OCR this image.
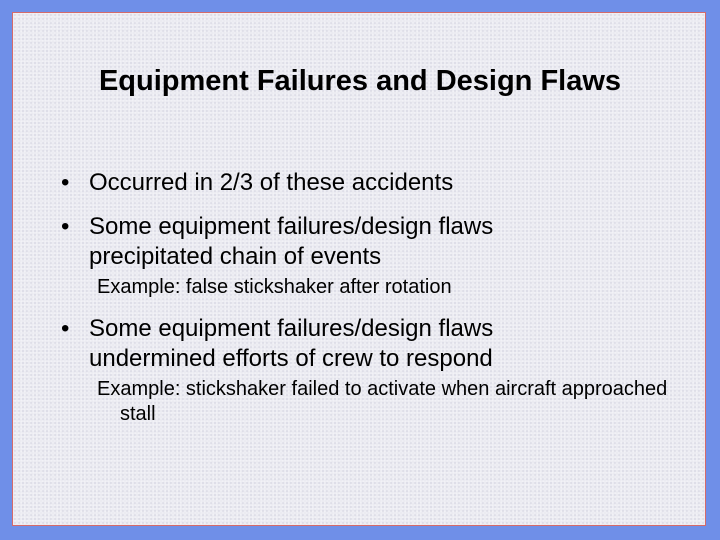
Equipment Failures and Design Flaws
• Occurred in 2/3 of these accidents
• Some equipment failures/design flaws precipitated chain of events
Example: false stickshaker after rotation
• Some equipment failures/design flaws undermined efforts of crew to respond
Example: stickshaker failed to activate when aircraft approached stall
